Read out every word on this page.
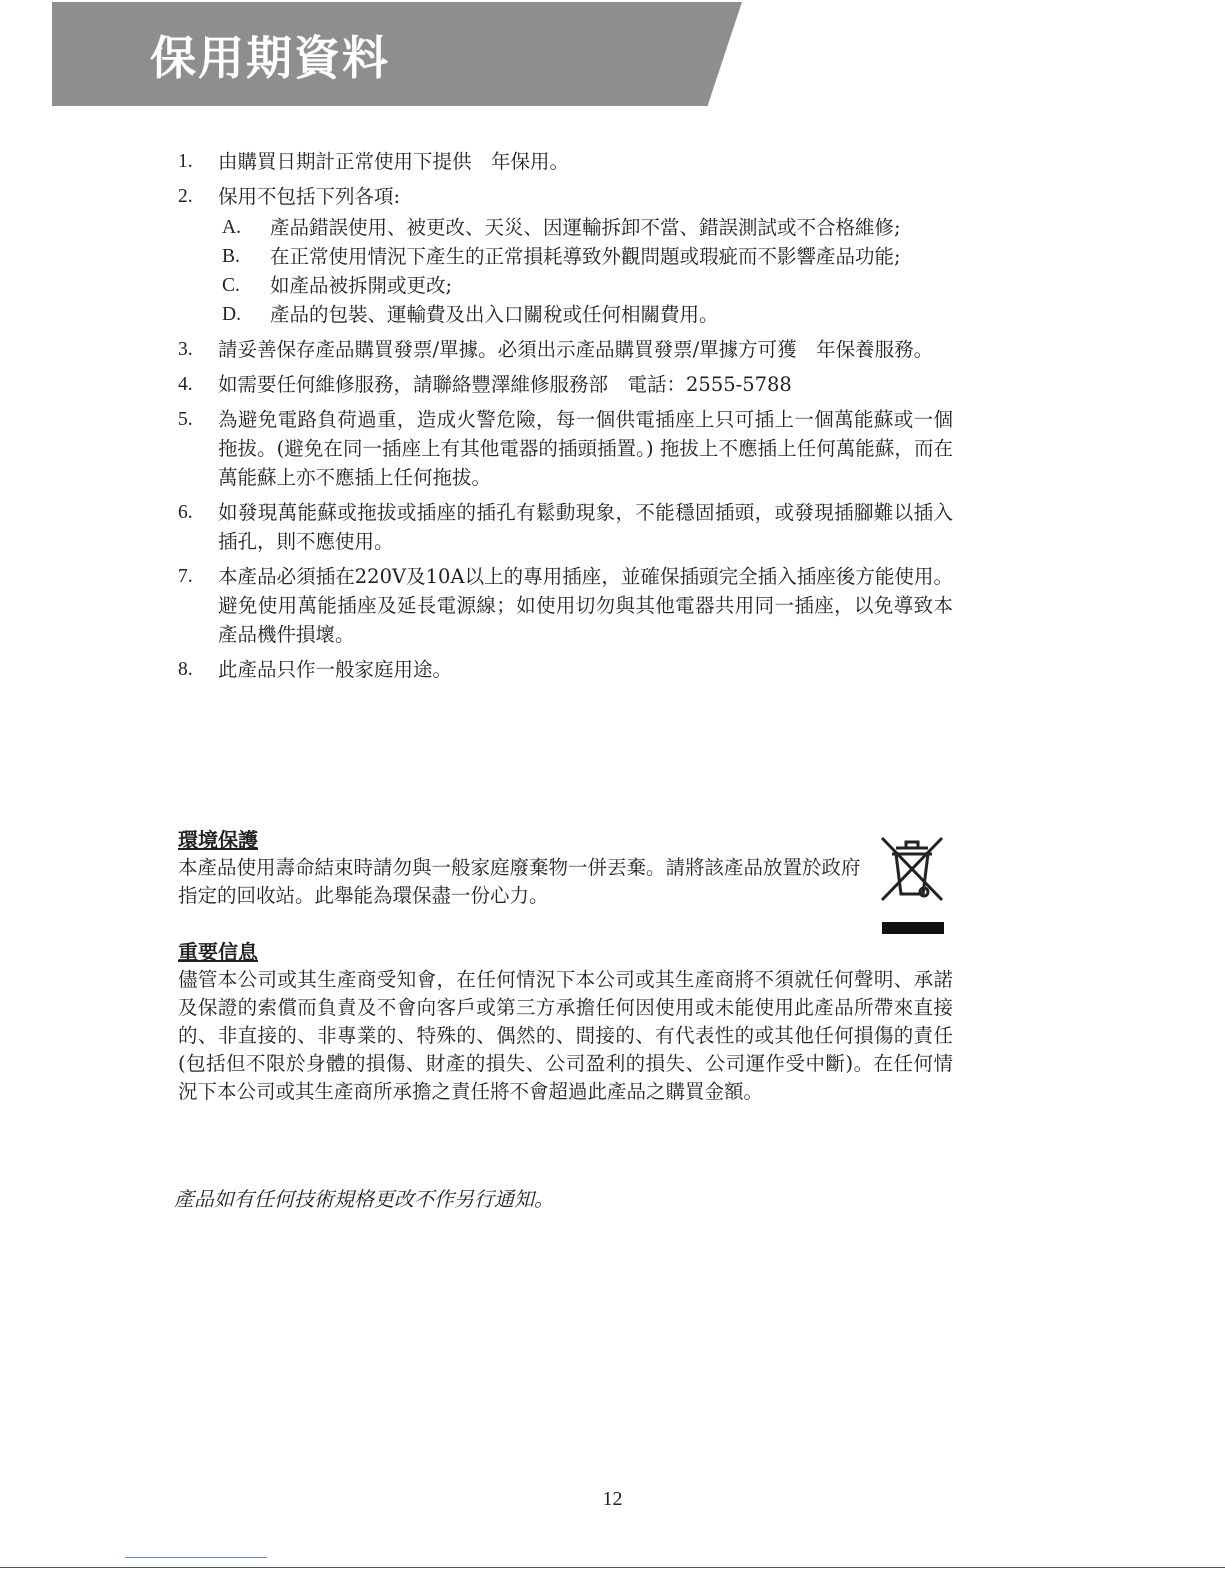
保用期資料
1. 由購買日期計正常使用下提供　年保用。
2. 保用不包括下列各項:
A. 產品錯誤使用、被更改、天災、因運輸拆卸不當、錯誤測試或不合格維修;
B. 在正常使用情況下產生的正常損耗導致外觀問題或瑕疵而不影響產品功能;
C. 如產品被拆開或更改;
D. 產品的包裝、運輸費及出入口關稅或任何相關費用。
3. 請妥善保存產品購買發票/單據。必須出示產品購買發票/單據方可獲　年保養服務。
4. 如需要任何維修服務，請聯絡豐澤維修服務部　電話：2555-5788
5. 為避免電路負荷過重，造成火警危險，每一個供電插座上只可插上一個萬能蘇或一個拖拔。(避免在同一插座上有其他電器的插頭插置。) 拖拔上不應插上任何萬能蘇，而在萬能蘇上亦不應插上任何拖拔。
6. 如發現萬能蘇或拖拔或插座的插孔有鬆動現象，不能穩固插頭，或發現插腳難以插入插孔，則不應使用。
7. 本產品必須插在220V及10A以上的專用插座，並確保插頭完全插入插座後方能使用。避免使用萬能插座及延長電源線；如使用切勿與其他電器共用同一插座，以免導致本產品機件損壞。
8. 此產品只作一般家庭用途。
環境保護
本產品使用壽命結束時請勿與一般家庭廢棄物一併丟棄。請將該產品放置於政府指定的回收站。此舉能為環保盡一份心力。
重要信息
儘管本公司或其生產商受知會，在任何情況下本公司或其生產商將不須就任何聲明、承諾及保證的索償而負責及不會向客戶或第三方承擔任何因使用或未能使用此產品所帶來直接的、非直接的、非專業的、特殊的、偶然的、間接的、有代表性的或其他任何損傷的責任(包括但不限於身體的損傷、財產的損失、公司盈利的損失、公司運作受中斷)。在任何情況下本公司或其生產商所承擔之責任將不會超過此產品之購買金額。
產品如有任何技術規格更改不作另行通知。
12
